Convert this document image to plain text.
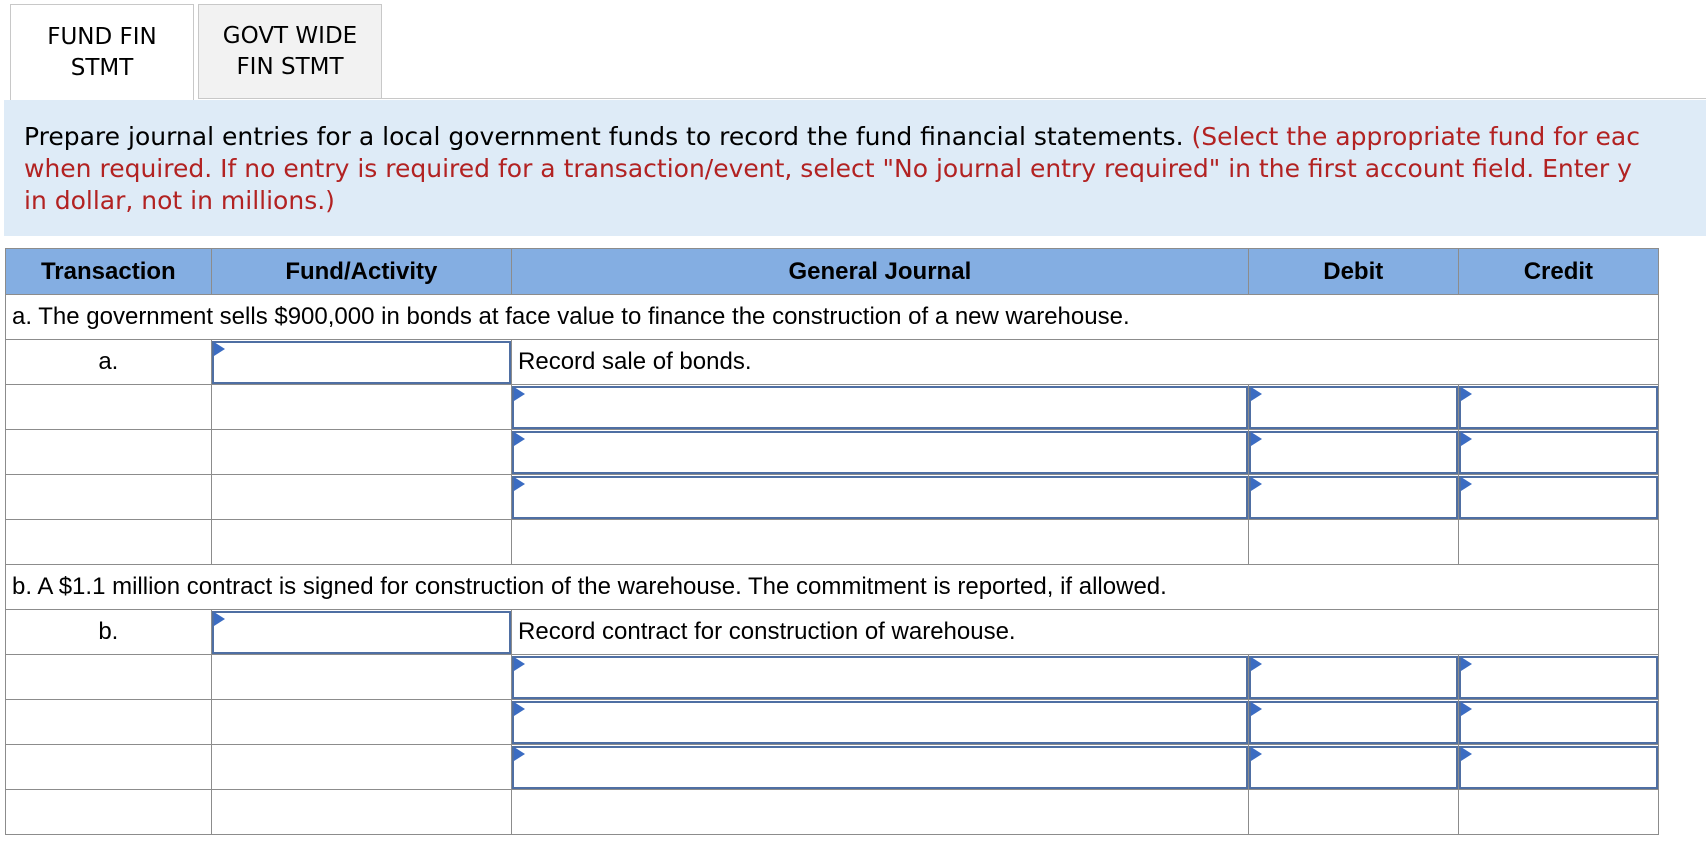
FUND FIN
STMT
GOVT WIDE
FIN STMT
Prepare journal entries for a local government funds to record the fund financial statements. (Select the appropriate fund for eac
when required. If no entry is required for a transaction/event, select "No journal entry required" in the first account field. Enter y
in dollar, not in millions.)
Transaction	Fund/Activity	General Journal	Debit	Credit
a. The government sells $900,000 in bonds at face value to finance the construction of a new warehouse.				
a.		Record sale of bonds.		

b. A $1.1 million contract is signed for construction of the warehouse. The commitment is reported, if allowed.				
b.		Record contract for construction of warehouse.		
